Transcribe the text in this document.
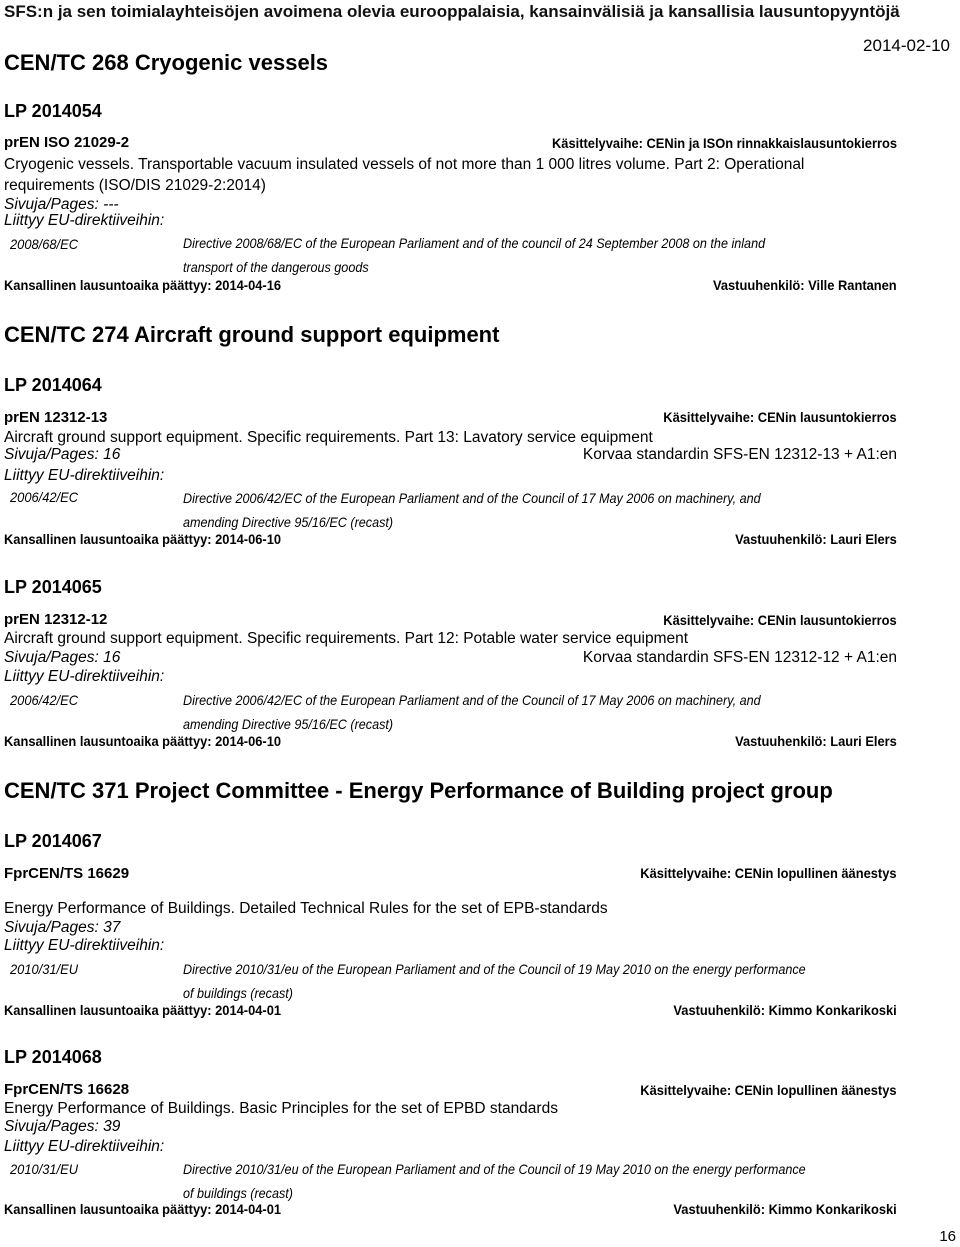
SFS:n ja sen toimialayhteisöjen avoimena olevia eurooppalaisia, kansainvälisiä ja kansallisia lausuntopyyntöjä
2014-02-10
CEN/TC 268 Cryogenic vessels
LP 2014054
prEN ISO 21029-2	Käsittelyvaihe: CENin ja ISOn rinnakkaislausuntokierros
Cryogenic vessels. Transportable vacuum insulated vessels of not more than 1 000 litres volume. Part 2: Operational requirements (ISO/DIS 21029-2:2014)
Sivuja/Pages: ---
Liittyy EU-direktiiveihin:
2008/68/EC	Directive 2008/68/EC of the European Parliament and of the council of 24 September 2008 on the inland transport of the dangerous goods
Kansallinen lausuntoaika päättyy: 2014-04-16	Vastuuhenkilö: Ville Rantanen
CEN/TC 274 Aircraft ground support equipment
LP 2014064
prEN 12312-13	Käsittelyvaihe: CENin lausuntokierros
Aircraft ground support equipment. Specific requirements. Part 13: Lavatory service equipment
Sivuja/Pages: 16	Korvaa standardin SFS-EN 12312-13 + A1:en
Liittyy EU-direktiiveihin:
2006/42/EC	Directive 2006/42/EC of the European Parliament and of the Council of 17 May 2006 on machinery, and amending Directive 95/16/EC (recast)
Kansallinen lausuntoaika päättyy: 2014-06-10	Vastuuhenkilö: Lauri Elers
LP 2014065
prEN 12312-12	Käsittelyvaihe: CENin lausuntokierros
Aircraft ground support equipment. Specific requirements. Part 12: Potable water service equipment
Sivuja/Pages: 16	Korvaa standardin SFS-EN 12312-12 + A1:en
Liittyy EU-direktiiveihin:
2006/42/EC	Directive 2006/42/EC of the European Parliament and of the Council of 17 May 2006 on machinery, and amending Directive 95/16/EC (recast)
Kansallinen lausuntoaika päättyy: 2014-06-10	Vastuuhenkilö: Lauri Elers
CEN/TC 371 Project Committee - Energy Performance of Building project group
LP 2014067
FprCEN/TS 16629	Käsittelyvaihe: CENin lopullinen äänestys
Energy Performance of Buildings. Detailed Technical Rules for the set of EPB-standards
Sivuja/Pages: 37
Liittyy EU-direktiiveihin:
2010/31/EU	Directive 2010/31/eu of the European Parliament and of the Council of 19 May 2010 on the energy performance of buildings (recast)
Kansallinen lausuntoaika päättyy: 2014-04-01	Vastuuhenkilö: Kimmo Konkarikoski
LP 2014068
FprCEN/TS 16628	Käsittelyvaihe: CENin lopullinen äänestys
Energy Performance of Buildings. Basic Principles for the set of EPBD standards
Sivuja/Pages: 39
Liittyy EU-direktiiveihin:
2010/31/EU	Directive 2010/31/eu of the European Parliament and of the Council of 19 May 2010 on the energy performance of buildings (recast)
Kansallinen lausuntoaika päättyy: 2014-04-01	Vastuuhenkilö: Kimmo Konkarikoski
16
